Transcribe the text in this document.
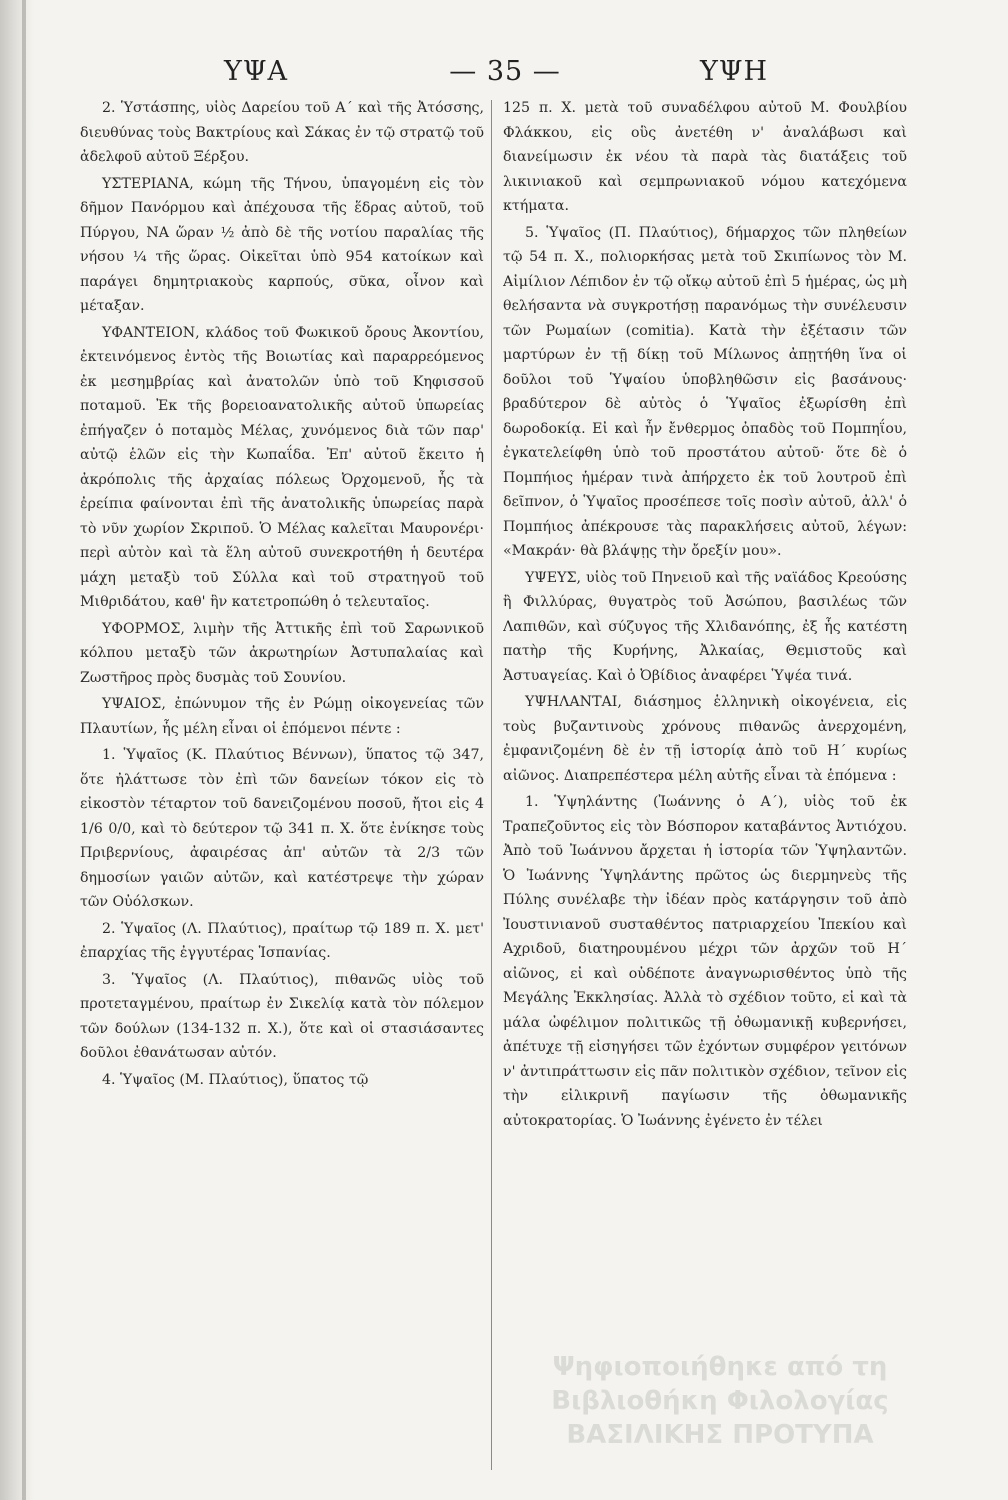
ΥΨΑ	— 35 —	ΥΨΗ

2. Ὑστάσπης, υἱὸς Δαρείου τοῦ Α΄ καὶ τῆς Ἀτόσσης, διευθύνας τοὺς Βακτρίους καὶ Σάκας ἐν τῷ στρατῷ τοῦ ἀδελφοῦ αὐτοῦ Ξέρξου.

ΥΣΤΕΡΙΑΝΑ, κώμη τῆς Τήνου, ὑπαγομένη εἰς τὸν δῆμον Πανόρμου καὶ ἀπέχουσα τῆς ἕδρας αὐτοῦ, τοῦ Πύργου, ΝΑ ὥραν ½ ἀπὸ δὲ τῆς νοτίου παραλίας τῆς νήσου ¼ τῆς ὥρας. Οἰκεῖται ὑπὸ 954 κατοίκων καὶ παράγει δημητριακοὺς καρπούς, σῦκα, οἶνον καὶ μέταξαν.

ΥΦΑΝΤΕΙΟΝ, κλάδος τοῦ Φωκικοῦ ὄρους Ἀκοντίου, ἐκτεινόμενος ἐντὸς τῆς Βοιωτίας καὶ παραρρεόμενος ἐκ μεσημβρίας καὶ ἀνατολῶν ὑπὸ τοῦ Κηφισσοῦ ποταμοῦ. Ἐκ τῆς βορειοανατολικῆς αὐτοῦ ὑπωρείας ἐπήγαζεν ὁ ποταμὸς Μέλας, χυνόμενος διὰ τῶν παρ' αὐτῷ ἑλῶν εἰς τὴν Κωπαΐδα. Ἐπ' αὐτοῦ ἔκειτο ἡ ἀκρόπολις τῆς ἀρχαίας πόλεως Ὀρχομενοῦ, ἧς τὰ ἐρείπια φαίνονται ἐπὶ τῆς ἀνατολικῆς ὑπωρείας παρὰ τὸ νῦν χωρίον Σκριποῦ. Ὁ Μέλας καλεῖται Μαυρονέρι· περὶ αὐτὸν καὶ τὰ ἕλη αὐτοῦ συνεκροτήθη ἡ δευτέρα μάχη μεταξὺ τοῦ Σύλλα καὶ τοῦ στρατηγοῦ τοῦ Μιθριδάτου, καθ' ἣν κατετροπώθη ὁ τελευταῖος.

ΥΦΟΡΜΟΣ, λιμὴν τῆς Ἀττικῆς ἐπὶ τοῦ Σαρωνικοῦ κόλπου μεταξὺ τῶν ἀκρωτηρίων Ἀστυπαλαίας καὶ Ζωστῆρος πρὸς δυσμὰς τοῦ Σουνίου.

ΥΨΑΙΟΣ, ἐπώνυμον τῆς ἐν Ρώμῃ οἰκογενείας τῶν Πλαυτίων, ἧς μέλη εἶναι οἱ ἑπόμενοι πέντε :

1. Ὑψαῖος (Κ. Πλαύτιος Βέννων), ὕπατος τῷ 347, ὅτε ἠλάττωσε τὸν ἐπὶ τῶν δανείων τόκον εἰς τὸ εἰκοστὸν τέταρτον τοῦ δανειζομένου ποσοῦ, ἤτοι εἰς 4 1/6 0/0, καὶ τὸ δεύτερον τῷ 341 π. Χ. ὅτε ἐνίκησε τοὺς Πριβερνίους, ἀφαιρέσας ἀπ' αὐτῶν τὰ 2/3 τῶν δημοσίων γαιῶν αὐτῶν, καὶ κατέστρεψε τὴν χώραν τῶν Οὐόλσκων.

2. Ὑψαῖος (Λ. Πλαύτιος), πραίτωρ τῷ 189 π. Χ. μετ' ἐπαρχίας τῆς ἐγγυτέρας Ἱσπανίας.

3. Ὑψαῖος (Λ. Πλαύτιος), πιθανῶς υἱὸς τοῦ προτεταγμένου, πραίτωρ ἐν Σικελίᾳ κατὰ τὸν πόλεμον τῶν δούλων (134-132 π. Χ.), ὅτε καὶ οἱ στασιάσαντες δοῦλοι ἐθανάτωσαν αὐτόν.

4. Ὑψαῖος (Μ. Πλαύτιος), ὕπατος τῷ

125 π. Χ. μετὰ τοῦ συναδέλφου αὐτοῦ Μ. Φουλβίου Φλάκκου, εἰς οὓς ἀνετέθη ν' ἀναλάβωσι καὶ διανείμωσιν ἐκ νέου τὰ παρὰ τὰς διατάξεις τοῦ λικινιακοῦ καὶ σεμπρωνιακοῦ νόμου κατεχόμενα κτήματα.

5. Ὑψαῖος (Π. Πλαύτιος), δήμαρχος τῶν πληθείων τῷ 54 π. Χ., πολιορκήσας μετὰ τοῦ Σκιπίωνος τὸν Μ. Αἰμίλιον Λέπιδον ἐν τῷ οἴκῳ αὐτοῦ ἐπὶ 5 ἡμέρας, ὡς μὴ θελήσαντα νὰ συγκροτήσῃ παρανόμως τὴν συνέλευσιν τῶν Ρωμαίων (comitia). Κατὰ τὴν ἐξέτασιν τῶν μαρτύρων ἐν τῇ δίκῃ τοῦ Μίλωνος ἀπῃτήθη ἵνα οἱ δοῦλοι τοῦ Ὑψαίου ὑποβληθῶσιν εἰς βασάνους· βραδύτερον δὲ αὐτὸς ὁ Ὑψαῖος ἐξωρίσθη ἐπὶ δωροδοκίᾳ. Εἰ καὶ ἦν ἔνθερμος ὀπαδὸς τοῦ Πομπηΐου, ἐγκατελείφθη ὑπὸ τοῦ προστάτου αὐτοῦ· ὅτε δὲ ὁ Πομπήιος ἡμέραν τινὰ ἀπήρχετο ἐκ τοῦ λουτροῦ ἐπὶ δεῖπνον, ὁ Ὑψαῖος προσέπεσε τοῖς ποσὶν αὐτοῦ, ἀλλ' ὁ Πομπήιος ἀπέκρουσε τὰς παρακλήσεις αὐτοῦ, λέγων: «Μακράν· θὰ βλάψῃς τὴν ὄρεξίν μου».

ΥΨΕΥΣ, υἱὸς τοῦ Πηνειοῦ καὶ τῆς ναϊάδος Κρεούσης ἢ Φιλλύρας, θυγατρὸς τοῦ Ἀσώπου, βασιλέως τῶν Λαπιθῶν, καὶ σύζυγος τῆς Χλιδανόπης, ἐξ ἧς κατέστη πατὴρ τῆς Κυρήνης, Ἀλκαίας, Θεμιστοῦς καὶ Ἀστυαγείας. Καὶ ὁ Ὀβίδιος ἀναφέρει Ὑψέα τινά.

ΥΨΗΛΑΝΤΑΙ, διάσημος ἑλληνικὴ οἰκογένεια, εἰς τοὺς βυζαντινοὺς χρόνους πιθανῶς ἀνερχομένη, ἐμφανιζομένη δὲ ἐν τῇ ἱστορίᾳ ἀπὸ τοῦ Η΄ κυρίως αἰῶνος. Διαπρεπέστερα μέλη αὐτῆς εἶναι τὰ ἑπόμενα :

1. Ὑψηλάντης (Ἰωάννης ὁ Α΄), υἱὸς τοῦ ἐκ Τραπεζοῦντος εἰς τὸν Βόσπορον καταβάντος Ἀντιόχου. Ἀπὸ τοῦ Ἰωάννου ἄρχεται ἡ ἱστορία τῶν Ὑψηλαντῶν. Ὁ Ἰωάννης Ὑψηλάντης πρῶτος ὡς διερμηνεὺς τῆς Πύλης συνέλαβε τὴν ἰδέαν πρὸς κατάργησιν τοῦ ἀπὸ Ἰουστινιανοῦ συσταθέντος πατριαρχείου Ἰπεκίου καὶ Αχριδοῦ, διατηρουμένου μέχρι τῶν ἀρχῶν τοῦ Η΄ αἰῶνος, εἰ καὶ οὐδέποτε ἀναγνωρισθέντος ὑπὸ τῆς Μεγάλης Ἐκκλησίας. Ἀλλὰ τὸ σχέδιον τοῦτο, εἰ καὶ τὰ μάλα ὠφέλιμον πολιτικῶς τῇ ὀθωμανικῇ κυβερνήσει, ἀπέτυχε τῇ εἰσηγήσει τῶν ἐχόντων συμφέρον γειτόνων ν' ἀντιπράττωσιν εἰς πᾶν πολιτικὸν σχέδιον, τεῖνον εἰς τὴν εἰλικρινῆ παγίωσιν τῆς ὀθωμανικῆς αὐτοκρατορίας. Ὁ Ἰωάννης ἐγένετο ἐν τέλει

Ψηφιοποιήθηκε από τη Βιβλιοθήκη Φιλολογίας
ΒΑΣΙΛΙΚΗΣ ΠΡΟΤΥΠΑ
